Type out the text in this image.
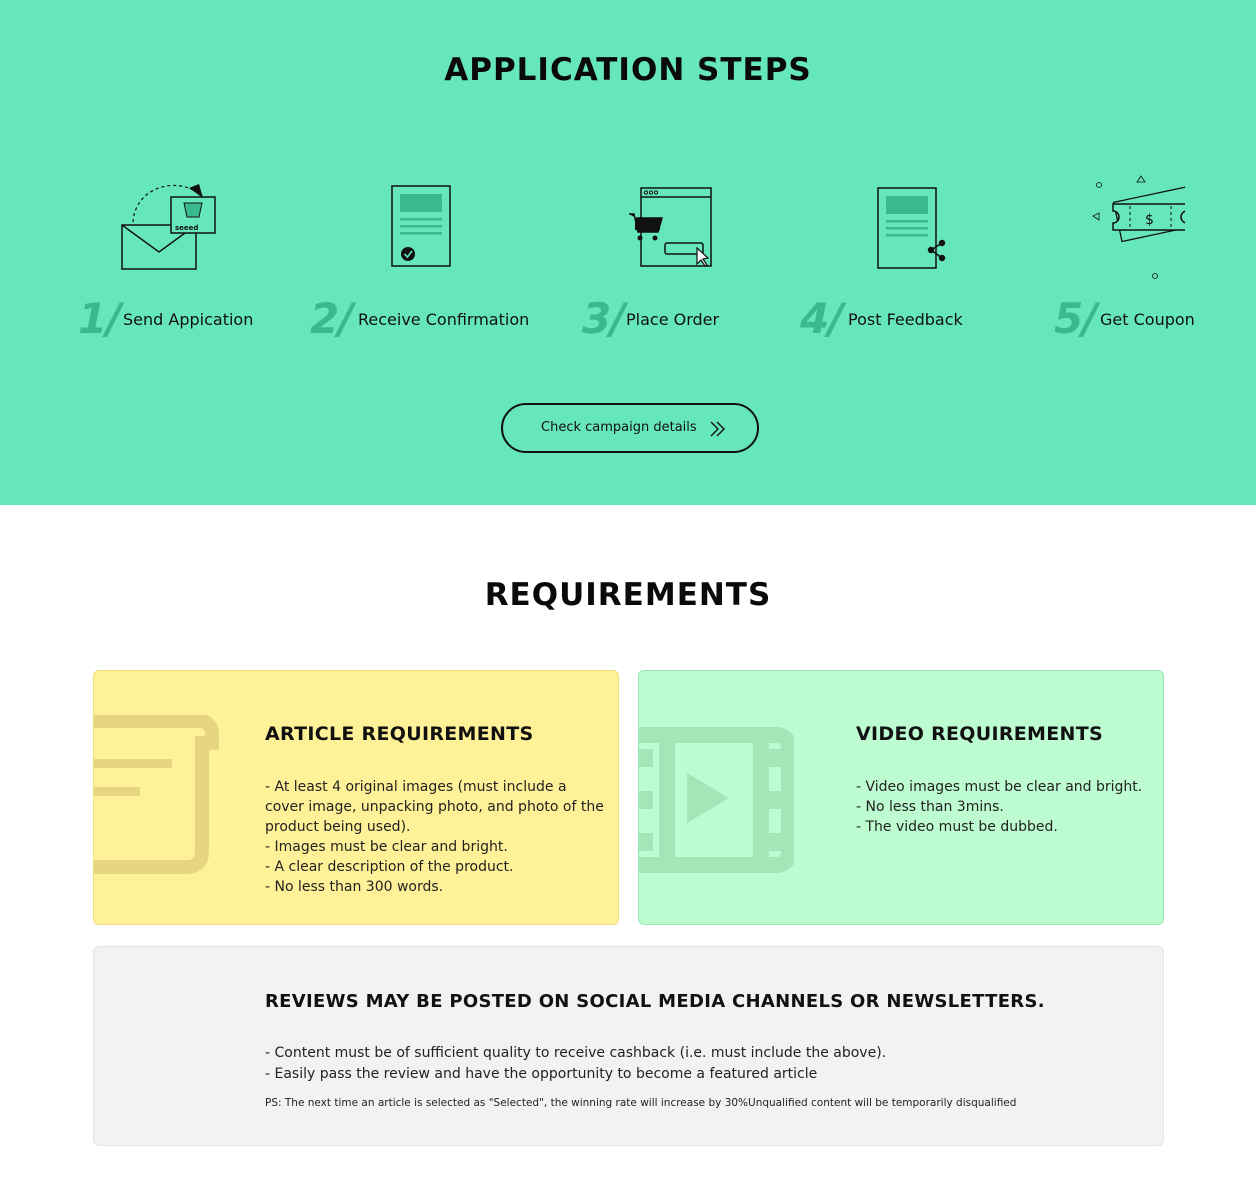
APPLICATION STEPS
seeed
1/ Send Appication 2/ Receive Confirmation 3/ Place Order 4/ Post Feedback
$
5/ Get Coupon
Check campaign details
REQUIREMENTS
ARTICLE REQUIREMENTS
- At least 4 original images (must include a cover image, unpacking photo, and photo of the product being used).
- Images must be clear and bright.
- A clear description of the product.
- No less than 300 words.
VIDEO REQUIREMENTS
- Video images must be clear and bright.
- No less than 3mins.
- The video must be dubbed.
REVIEWS MAY BE POSTED ON SOCIAL MEDIA CHANNELS OR NEWSLETTERS.
- Content must be of sufficient quality to receive cashback (i.e. must include the above).
- Easily pass the review and have the opportunity to become a featured article
PS: The next time an article is selected as "Selected", the winning rate will increase by 30%Unqualified content will be temporarily disqualified
